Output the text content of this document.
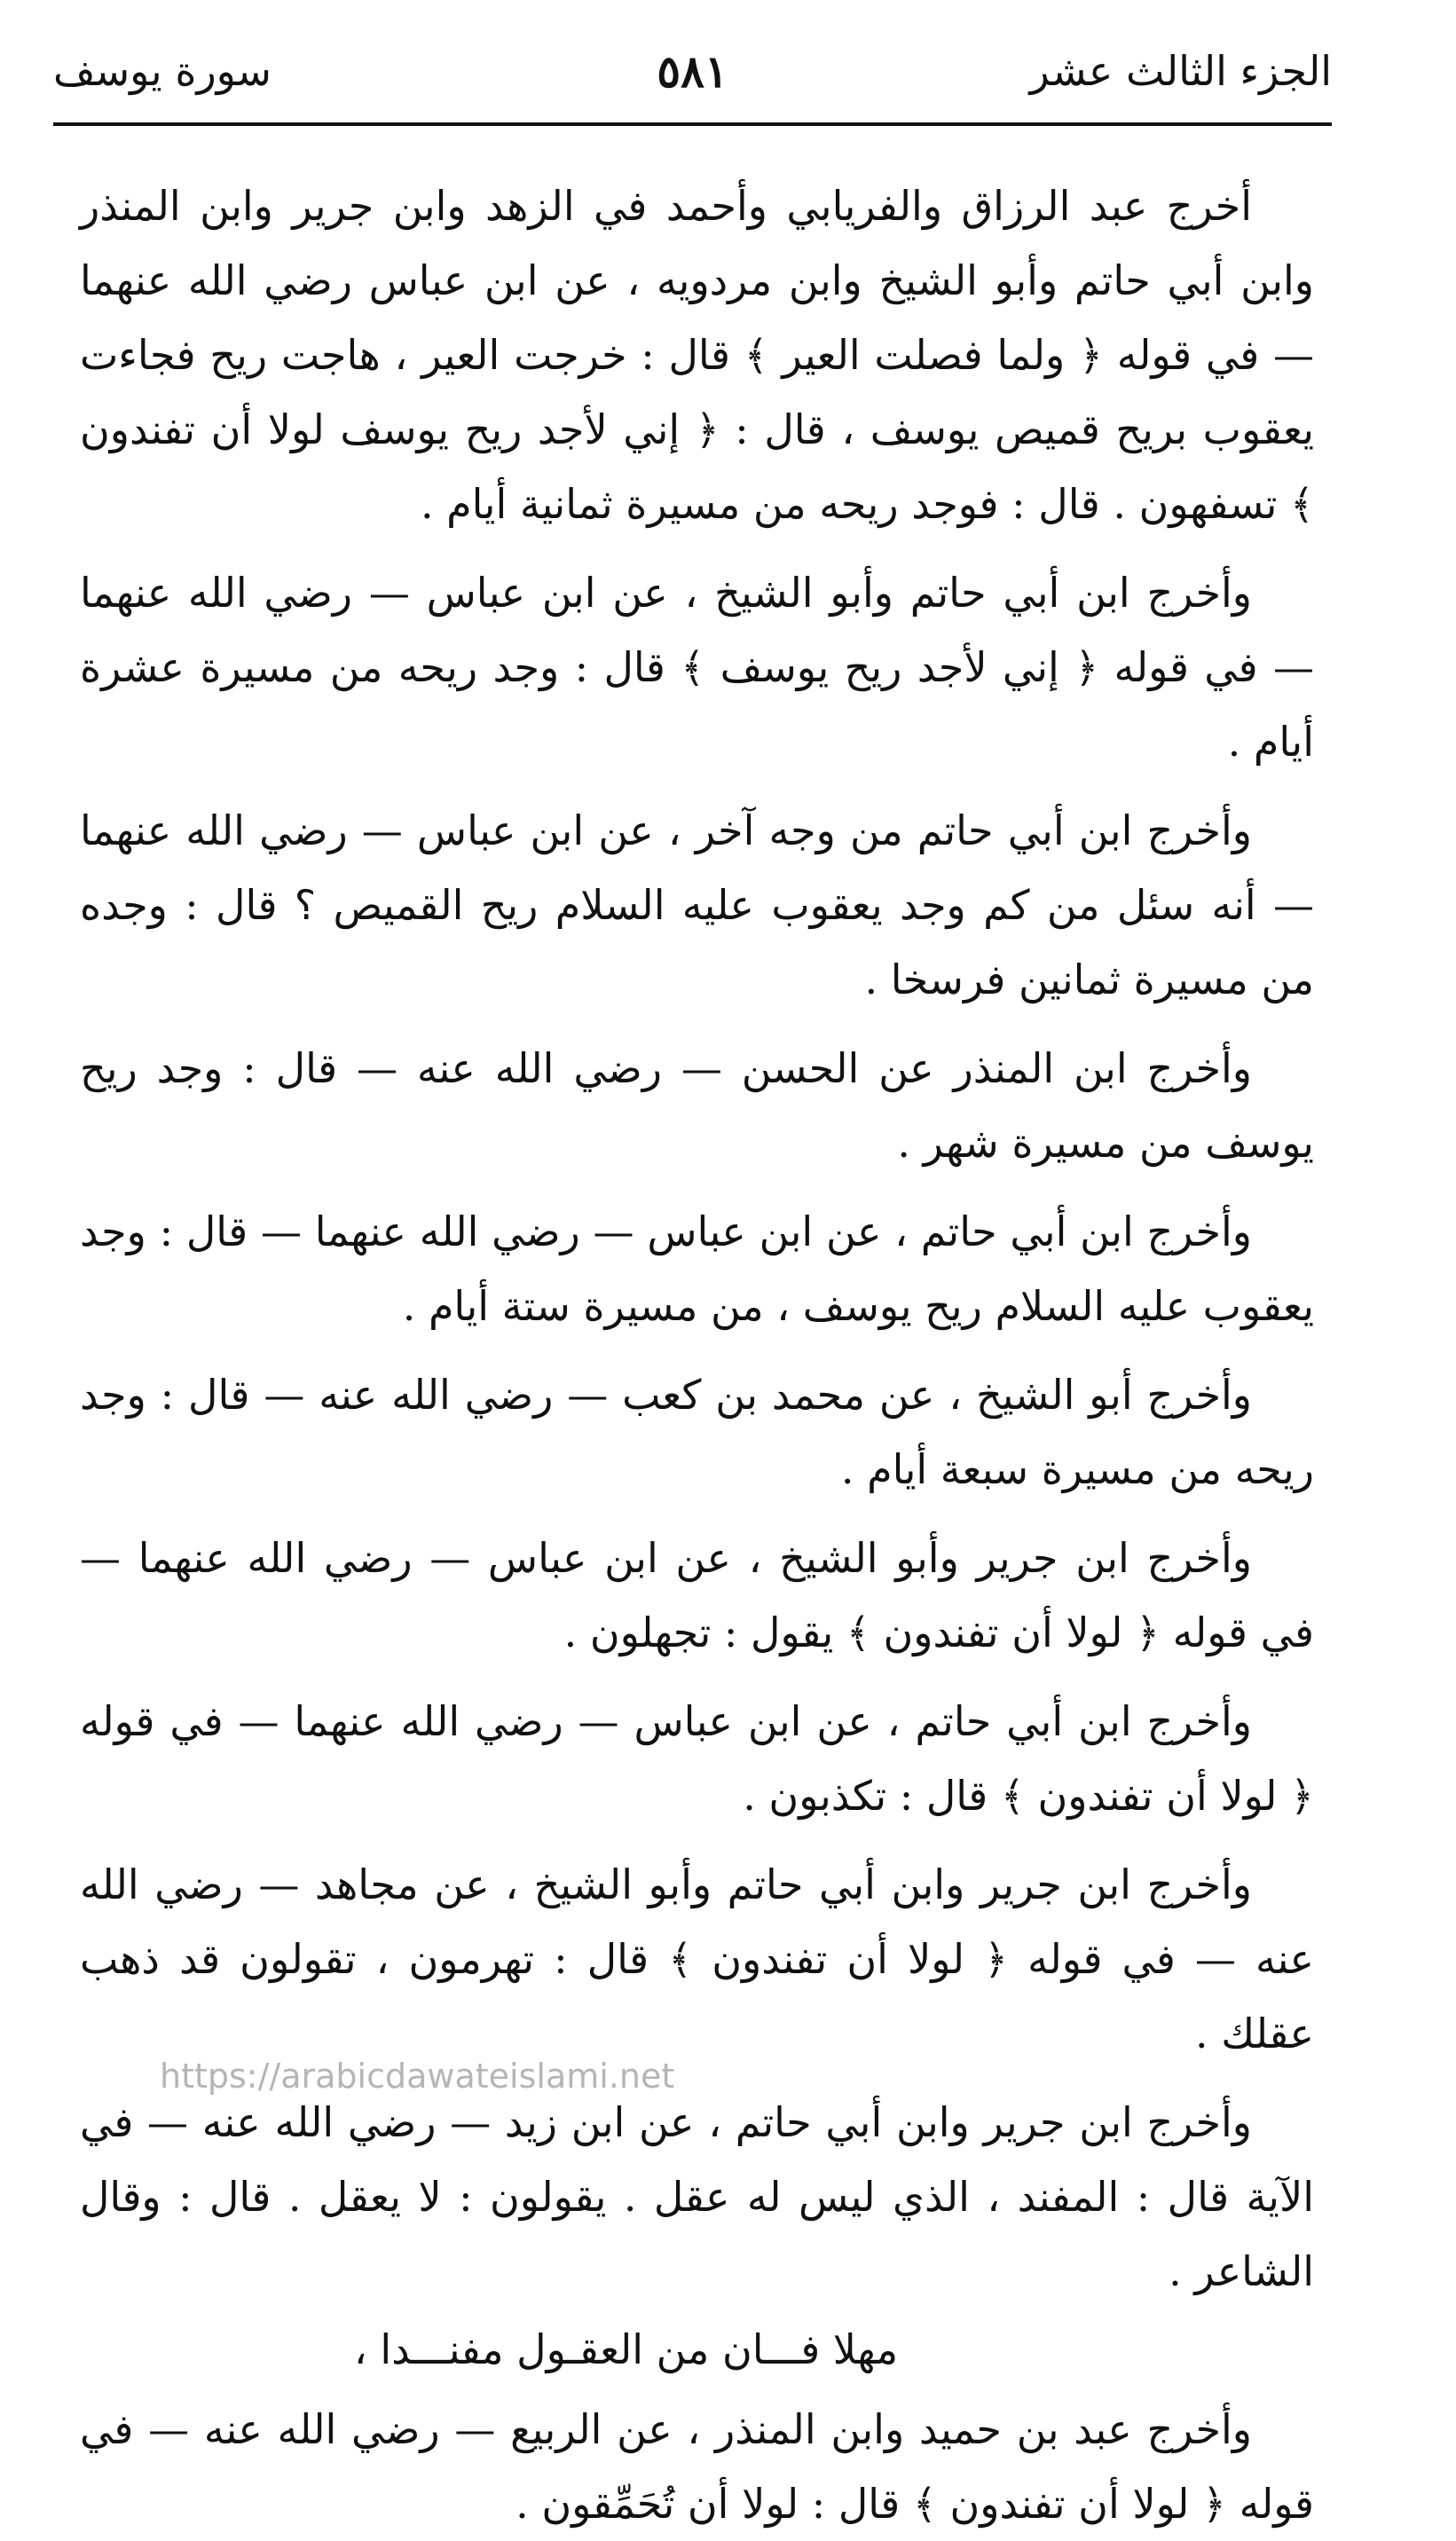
الجزء الثالث عشر
٥٨١
سورة يوسف

أخرج عبد الرزاق والفريابي وأحمد في الزهد وابن جرير وابن المنذر وابن أبي حاتم وأبو الشيخ وابن مردويه ، عن ابن عباس رضي الله عنهما — في قوله ﴿ ولما فصلت العير ﴾ قال : خرجت العير ، هاجت ريح فجاءت يعقوب بريح قميص يوسف ، قال : ﴿ إني لأجد ريح يوسف لولا أن تفندون ﴾ تسفهون . قال : فوجد ريحه من مسيرة ثمانية أيام .

وأخرج ابن أبي حاتم وأبو الشيخ ، عن ابن عباس — رضي الله عنهما — في قوله ﴿ إني لأجد ريح يوسف ﴾ قال : وجد ريحه من مسيرة عشرة أيام .

وأخرج ابن أبي حاتم من وجه آخر ، عن ابن عباس — رضي الله عنهما — أنه سئل من كم وجد يعقوب عليه السلام ريح القميص ؟ قال : وجده من مسيرة ثمانين فرسخا .

وأخرج ابن المنذر عن الحسن — رضي الله عنه — قال : وجد ريح يوسف من مسيرة شهر .

وأخرج ابن أبي حاتم ، عن ابن عباس — رضي الله عنهما — قال : وجد يعقوب عليه السلام ريح يوسف ، من مسيرة ستة أيام .

وأخرج أبو الشيخ ، عن محمد بن كعب — رضي الله عنه — قال : وجد ريحه من مسيرة سبعة أيام .

وأخرج ابن جرير وأبو الشيخ ، عن ابن عباس — رضي الله عنهما — في قوله ﴿ لولا أن تفندون ﴾ يقول : تجهلون .

وأخرج ابن أبي حاتم ، عن ابن عباس — رضي الله عنهما — في قوله ﴿ لولا أن تفندون ﴾ قال : تكذبون .

وأخرج ابن جرير وابن أبي حاتم وأبو الشيخ ، عن مجاهد — رضي الله عنه — في قوله ﴿ لولا أن تفندون ﴾ قال : تهرمون ، تقولون قد ذهب عقلك .

وأخرج ابن جرير وابن أبي حاتم ، عن ابن زيد — رضي الله عنه — في الآية قال : المفند ، الذي ليس له عقل . يقولون : لا يعقل . قال : وقال الشاعر .

مهلا فـــان من العقـول مفنـــدا ،

وأخرج عبد بن حميد وابن المنذر ، عن الربيع — رضي الله عنه — في قوله ﴿ لولا أن تفندون ﴾ قال : لولا أن تُحَمِّقون .

https://arabicdawateislami.net
